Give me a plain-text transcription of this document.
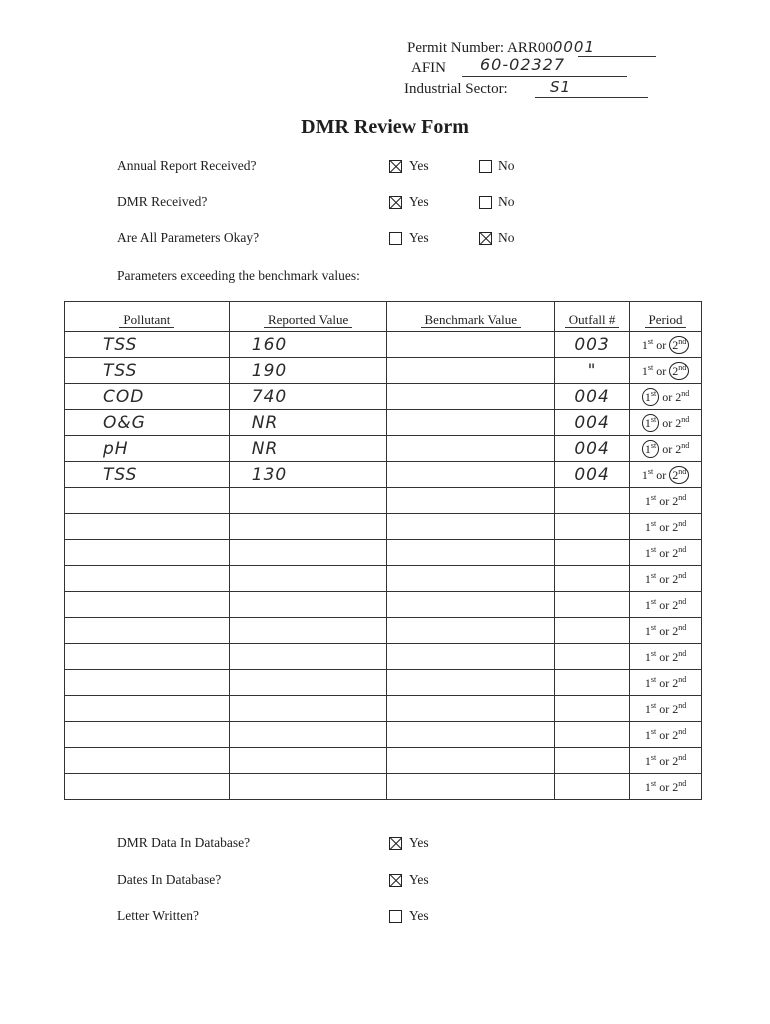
Permit Number: ARR000001
AFIN 60-02327
Industrial Sector:	S1
DMR Review Form
Annual Report Received?	Yes	No
DMR Received?	Yes	No
Are All Parameters Okay?	Yes	No
Parameters exceeding the benchmark values:
Pollutant	Reported Value	Benchmark Value	Outfall #	Period
TSS	160		003	1st or 2nd
TSS	190		"	1st or 2nd
COD	740		004	1st or 2nd
O&G	NR		004	1st or 2nd
pH	NR		004	1st or 2nd
TSS	130		004	1st or 2nd
				1st or 2nd
				1st or 2nd
				1st or 2nd
				1st or 2nd
				1st or 2nd
				1st or 2nd
				1st or 2nd
				1st or 2nd
				1st or 2nd
				1st or 2nd
				1st or 2nd
				1st or 2nd
DMR Data In Database?	Yes
Dates In Database?	Yes
Letter Written?	Yes
